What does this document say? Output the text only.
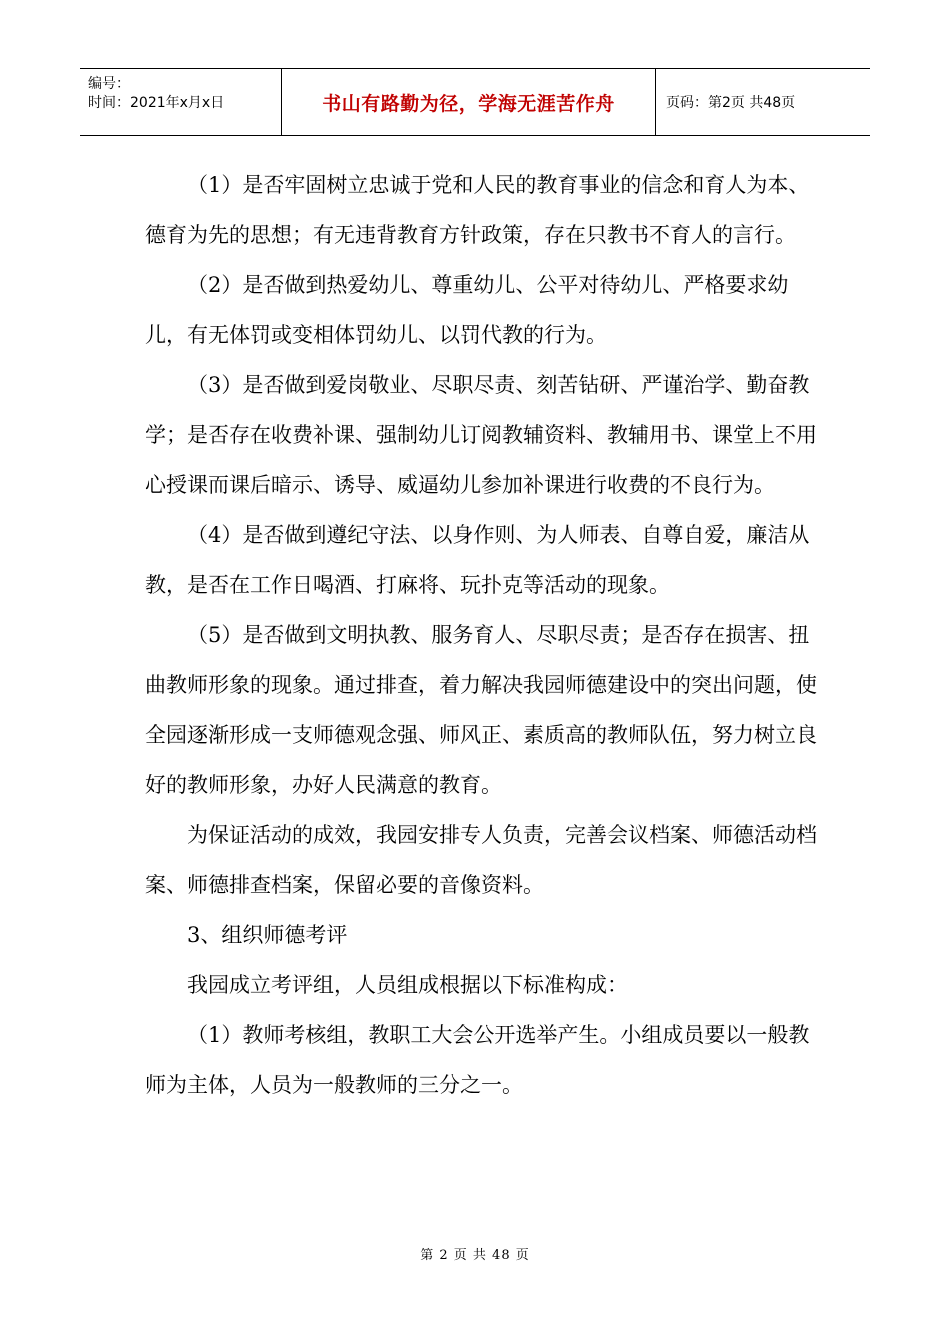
编号：
时间：2021年x月x日	书山有路勤为径，学海无涯苦作舟	页码：第2页 共48页

（1）是否牢固树立忠诚于党和人民的教育事业的信念和育人为本、德育为先的思想；有无违背教育方针政策，存在只教书不育人的言行。

（2）是否做到热爱幼儿、尊重幼儿、公平对待幼儿、严格要求幼儿，有无体罚或变相体罚幼儿、以罚代教的行为。

（3）是否做到爱岗敬业、尽职尽责、刻苦钻研、严谨治学、勤奋教学；是否存在收费补课、强制幼儿订阅教辅资料、教辅用书、课堂上不用心授课而课后暗示、诱导、威逼幼儿参加补课进行收费的不良行为。

（4）是否做到遵纪守法、以身作则、为人师表、自尊自爱，廉洁从教，是否在工作日喝酒、打麻将、玩扑克等活动的现象。

（5）是否做到文明执教、服务育人、尽职尽责；是否存在损害、扭曲教师形象的现象。通过排查，着力解决我园师德建设中的突出问题，使全园逐渐形成一支师德观念强、师风正、素质高的教师队伍，努力树立良好的教师形象，办好人民满意的教育。

为保证活动的成效，我园安排专人负责，完善会议档案、师德活动档案、师德排查档案，保留必要的音像资料。

3、组织师德考评

我园成立考评组，人员组成根据以下标准构成：

（1）教师考核组，教职工大会公开选举产生。小组成员要以一般教师为主体，人员为一般教师的三分之一。

第 2 页 共 48 页
